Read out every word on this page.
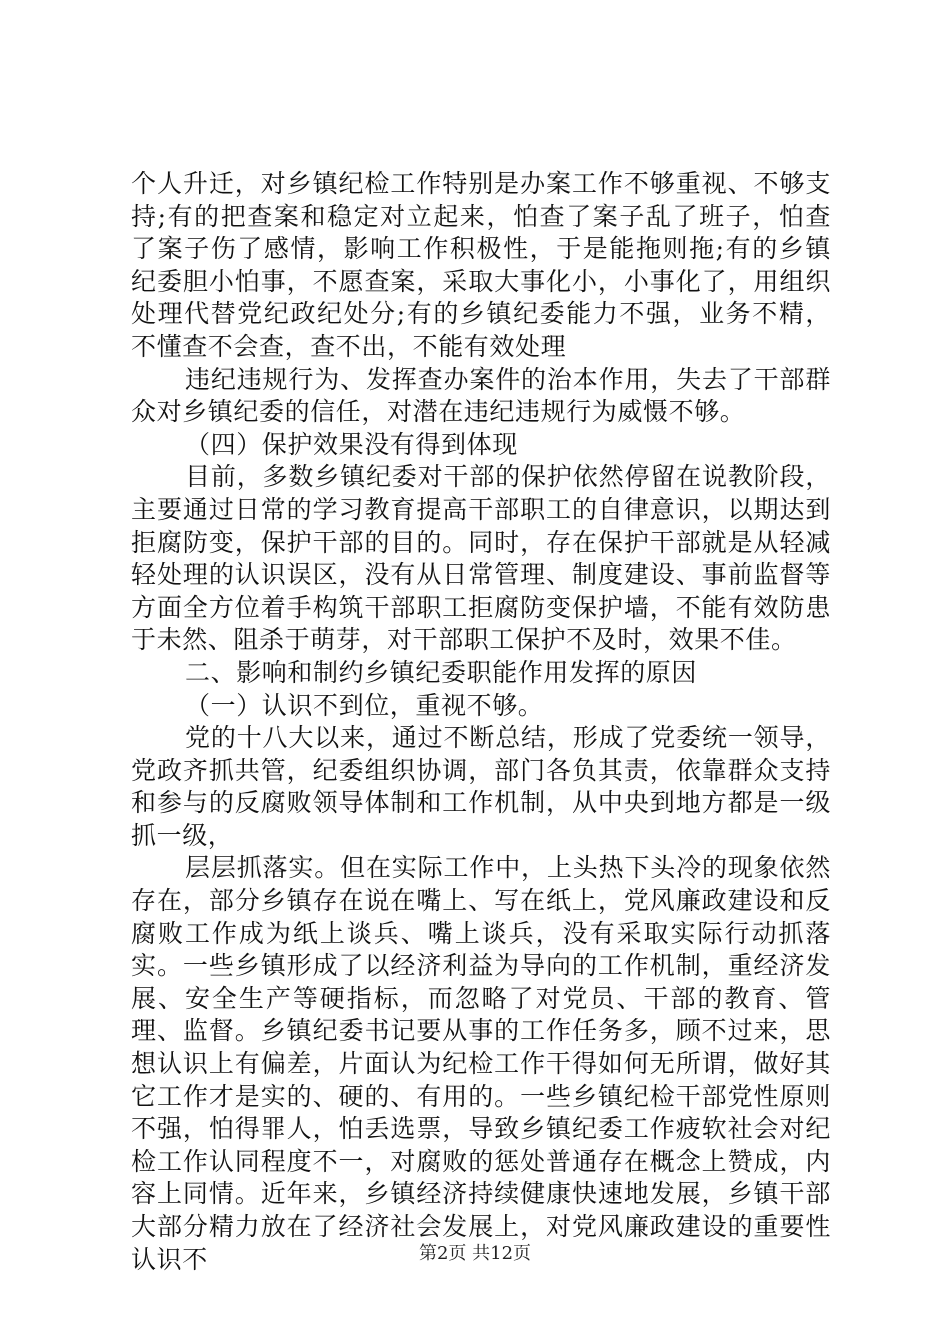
个人升迁，对乡镇纪检工作特别是办案工作不够重视、不够支持;有的把查案和稳定对立起来，怕查了案子乱了班子，怕查了案子伤了感情，影响工作积极性，于是能拖则拖;有的乡镇纪委胆小怕事，不愿查案，采取大事化小，小事化了，用组织处理代替党纪政纪处分;有的乡镇纪委能力不强，业务不精，不懂查不会查，查不出，不能有效处理

违纪违规行为、发挥查办案件的治本作用，失去了干部群众对乡镇纪委的信任，对潜在违纪违规行为威慑不够。

（四）保护效果没有得到体现

目前，多数乡镇纪委对干部的保护依然停留在说教阶段，主要通过日常的学习教育提高干部职工的自律意识，以期达到拒腐防变，保护干部的目的。同时，存在保护干部就是从轻减轻处理的认识误区，没有从日常管理、制度建设、事前监督等方面全方位着手构筑干部职工拒腐防变保护墙，不能有效防患于未然、阻杀于萌芽，对干部职工保护不及时，效果不佳。

二、影响和制约乡镇纪委职能作用发挥的原因

（一）认识不到位，重视不够。

党的十八大以来，通过不断总结，形成了党委统一领导，党政齐抓共管，纪委组织协调，部门各负其责，依靠群众支持和参与的反腐败领导体制和工作机制，从中央到地方都是一级抓一级，

层层抓落实。但在实际工作中，上头热下头冷的现象依然存在，部分乡镇存在说在嘴上、写在纸上，党风廉政建设和反腐败工作成为纸上谈兵、嘴上谈兵，没有采取实际行动抓落实。一些乡镇形成了以经济利益为导向的工作机制，重经济发展、安全生产等硬指标，而忽略了对党员、干部的教育、管理、监督。乡镇纪委书记要从事的工作任务多，顾不过来，思想认识上有偏差，片面认为纪检工作干得如何无所谓，做好其它工作才是实的、硬的、有用的。一些乡镇纪检干部党性原则不强，怕得罪人，怕丢选票，导致乡镇纪委工作疲软社会对纪检工作认同程度不一，对腐败的惩处普通存在概念上赞成，内容上同情。近年来，乡镇经济持续健康快速地发展，乡镇干部大部分精力放在了经济社会发展上，对党风廉政建设的重要性认识不	第2页 共12页
